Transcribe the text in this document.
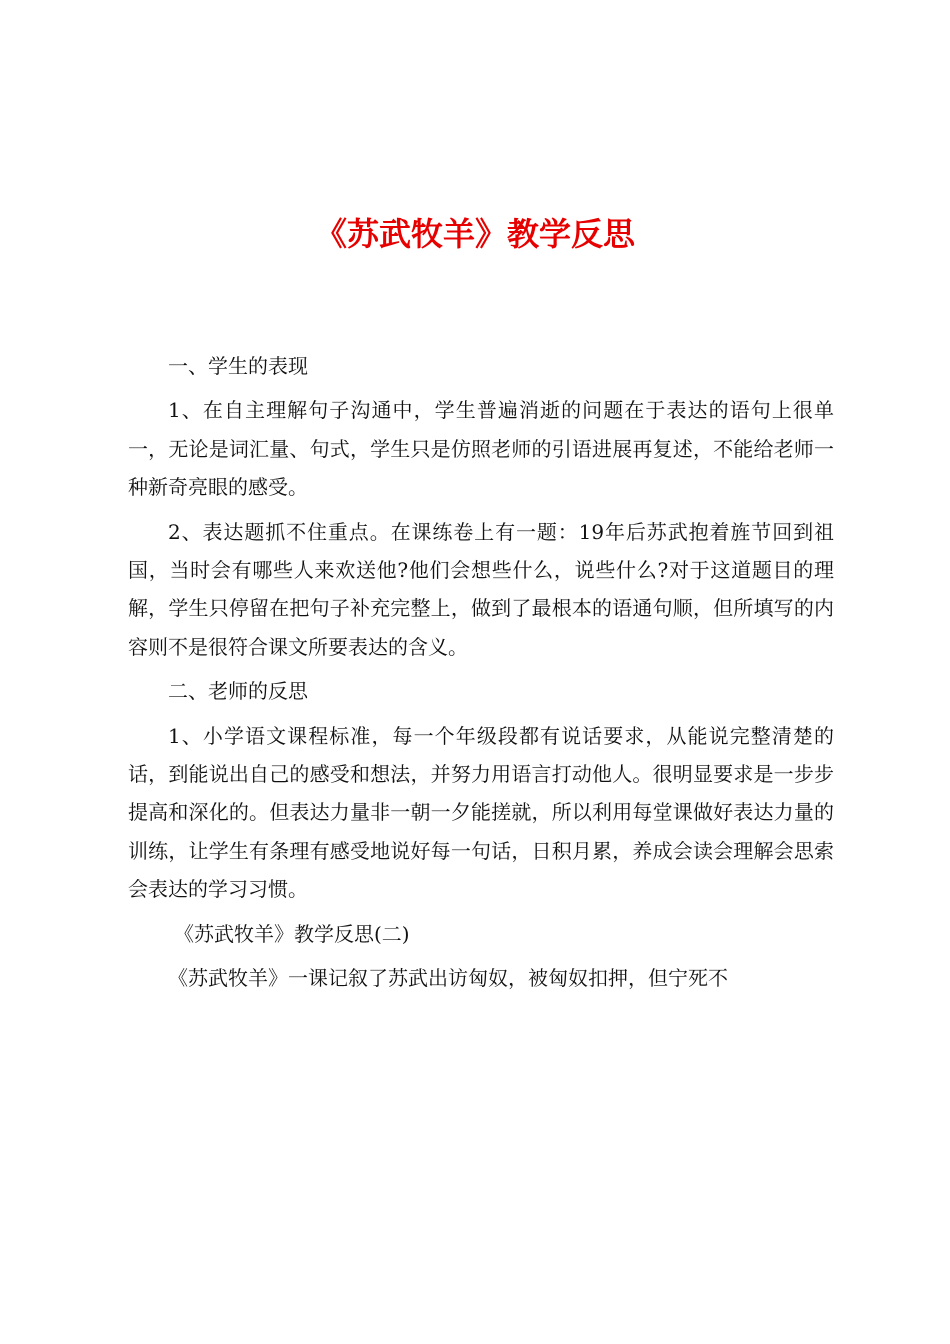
《苏武牧羊》教学反思

一、学生的表现

1、在自主理解句子沟通中，学生普遍消逝的问题在于表达的语句上很单一，无论是词汇量、句式，学生只是仿照老师的引语进展再复述，不能给老师一种新奇亮眼的感受。

2、表达题抓不住重点。在课练卷上有一题：19年后苏武抱着旌节回到祖国，当时会有哪些人来欢送他?他们会想些什么，说些什么?对于这道题目的理解，学生只停留在把句子补充完整上，做到了最根本的语通句顺，但所填写的内容则不是很符合课文所要表达的含义。

二、老师的反思

1、小学语文课程标准，每一个年级段都有说话要求，从能说完整清楚的话，到能说出自己的感受和想法，并努力用语言打动他人。很明显要求是一步步提高和深化的。但表达力量非一朝一夕能搓就，所以利用每堂课做好表达力量的训练，让学生有条理有感受地说好每一句话，日积月累，养成会读会理解会思索会表达的学习习惯。

《苏武牧羊》教学反思(二)

《苏武牧羊》一课记叙了苏武出访匈奴，被匈奴扣押，但宁死不
